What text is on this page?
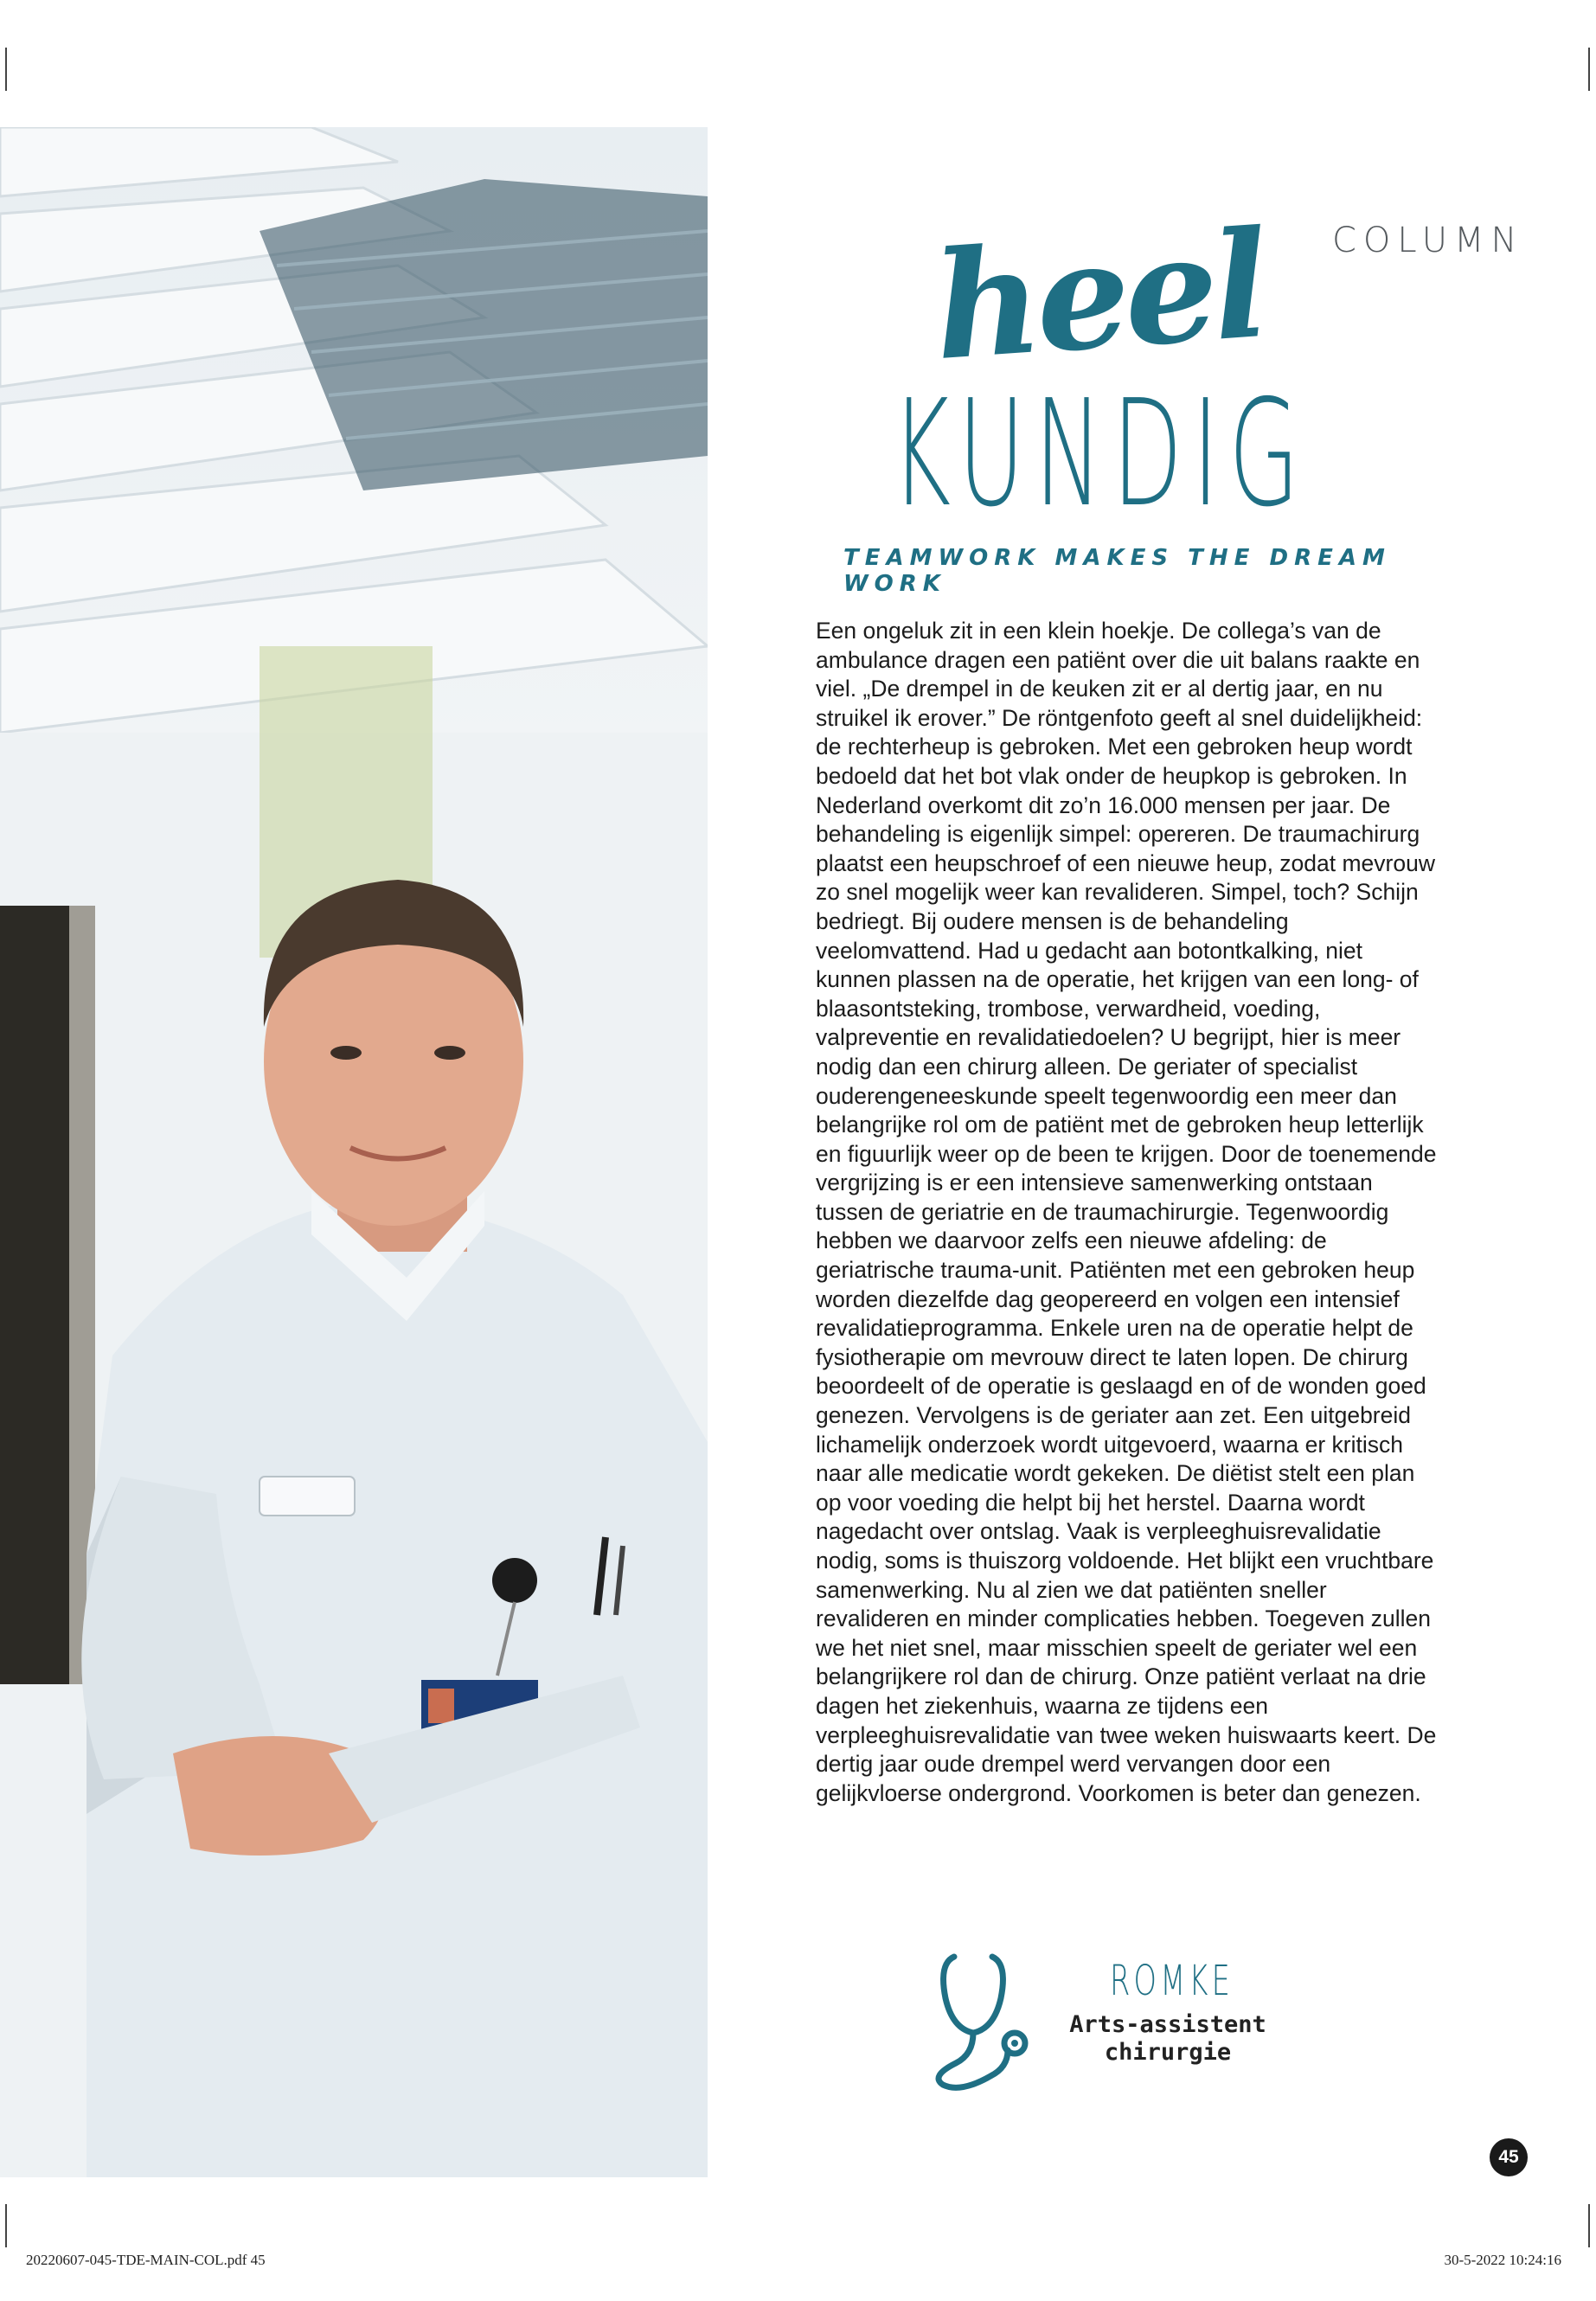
COLUMN
heel
KUNDIG
TEAMWORK MAKES THE DREAM WORK

Een ongeluk zit in een klein hoekje. De collega’s van de ambulance dragen een patiënt over die uit balans raakte en viel. „De drempel in de keuken zit er al dertig jaar, en nu struikel ik erover.” De röntgenfoto geeft al snel duidelijkheid: de rechterheup is gebroken. Met een gebroken heup wordt bedoeld dat het bot vlak onder de heupkop is gebroken. In Nederland overkomt dit zo’n 16.000 mensen per jaar. De behandeling is eigenlijk simpel: opereren. De traumachirurg plaatst een heupschroef of een nieuwe heup, zodat mevrouw zo snel mogelijk weer kan revalideren. Simpel, toch? Schijn bedriegt. Bij oudere mensen is de behandeling veelomvattend. Had u gedacht aan botontkalking, niet kunnen plassen na de operatie, het krijgen van een long- of blaasontsteking, trombose, verwardheid, voeding, valpreventie en revalidatiedoelen? U begrijpt, hier is meer nodig dan een chirurg alleen. De geriater of specialist ouderengeneeskunde speelt tegenwoordig een meer dan belangrijke rol om de patiënt met de gebroken heup letterlijk en figuurlijk weer op de been te krijgen. Door de toenemende vergrijzing is er een intensieve samenwerking ontstaan tussen de geriatrie en de traumachirurgie. Tegenwoordig hebben we daarvoor zelfs een nieuwe afdeling: de geriatrische trauma-unit. Patiënten met een gebroken heup worden diezelfde dag geopereerd en volgen een intensief revalidatieprogramma. Enkele uren na de operatie helpt de fysiotherapie om mevrouw direct te laten lopen. De chirurg beoordeelt of de operatie is geslaagd en of de wonden goed genezen. Vervolgens is de geriater aan zet. Een uitgebreid lichamelijk onderzoek wordt uitgevoerd, waarna er kritisch naar alle medicatie wordt gekeken. De diëtist stelt een plan op voor voeding die helpt bij het herstel. Daarna wordt nagedacht over ontslag. Vaak is verpleeghuisrevalidatie nodig, soms is thuiszorg voldoende. Het blijkt een vruchtbare samenwerking. Nu al zien we dat patiënten sneller revalideren en minder complicaties hebben. Toegeven zullen we het niet snel, maar misschien speelt de geriater wel een belangrijkere rol dan de chirurg. Onze patiënt verlaat na drie dagen het ziekenhuis, waarna ze tijdens een verpleeghuisrevalidatie van twee weken huiswaarts keert. De dertig jaar oude drempel werd vervangen door een gelijkvloerse ondergrond. Voorkomen is beter dan genezen.

ROMKE
Arts-assistent
chirurgie
45
20220607-045-TDE-MAIN-COL.pdf 45	30-5-2022 10:24:16
